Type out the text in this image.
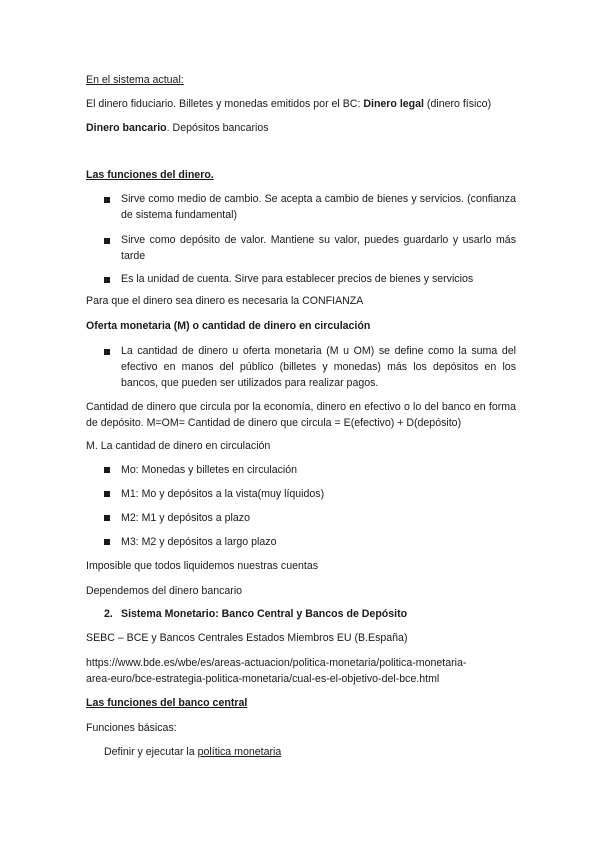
En el sistema actual:
El dinero fiduciario. Billetes y monedas emitidos por el BC: Dinero legal (dinero físico)
Dinero bancario. Depósitos bancarios
Las funciones del dinero.
Sirve como medio de cambio. Se acepta a cambio de bienes y servicios. (confianza de sistema fundamental)
Sirve como depósito de valor. Mantiene su valor, puedes guardarlo y usarlo más tarde
Es la unidad de cuenta. Sirve para establecer precios de bienes y servicios
Para que el dinero sea dinero es necesaria la CONFIANZA
Oferta monetaria (M) o cantidad de dinero en circulación
La cantidad de dinero u oferta monetaria (M u OM) se define como la suma del efectivo en manos del público (billetes y monedas) más los depósitos en los bancos, que pueden ser utilizados para realizar pagos.
Cantidad de dinero que circula por la economía, dinero en efectivo o lo del banco en forma de depósito. M=OM= Cantidad de dinero que circula = E(efectivo) + D(depósito)
M. La cantidad de dinero en circulación
Mo: Monedas y billetes en circulación
M1: Mo y depósitos a la vista(muy líquidos)
M2: M1 y depósitos a plazo
M3: M2 y depósitos a largo plazo
Imposible que todos liquidemos nuestras cuentas
Dependemos del dinero bancario
2. Sistema Monetario: Banco Central y Bancos de Depósito
SEBC – BCE y Bancos Centrales Estados Miembros EU (B.España)
https://www.bde.es/wbe/es/areas-actuacion/politica-monetaria/politica-monetaria-
area-euro/bce-estrategia-politica-monetaria/cual-es-el-objetivo-del-bce.html
Las funciones del banco central
Funciones básicas:
Definir y ejecutar la política monetaria
